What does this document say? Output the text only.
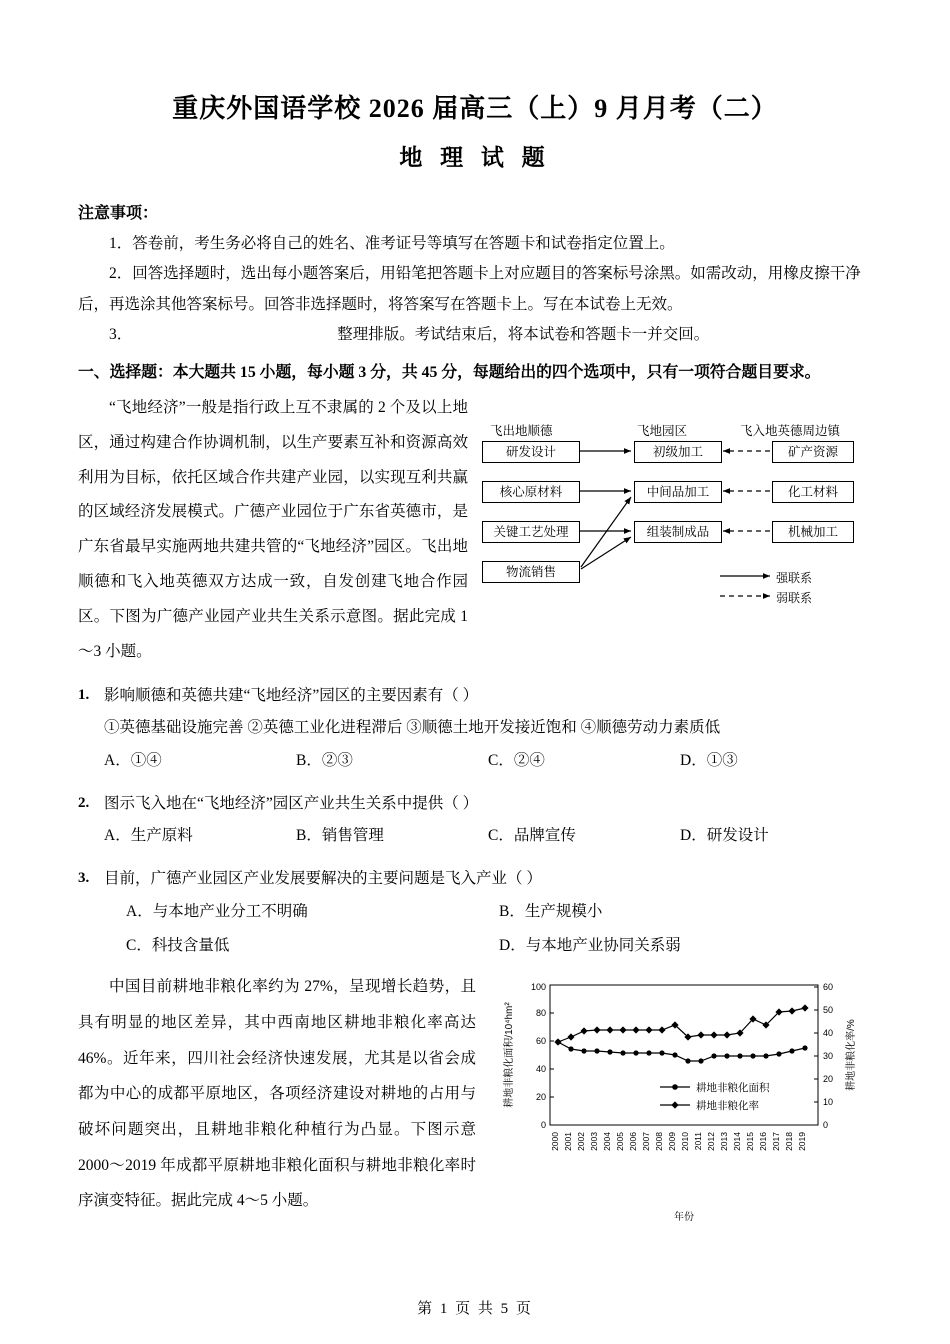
重庆外国语学校 2026 届高三（上）9 月月考（二）
地 理 试 题
注意事项：
1．答卷前，考生务必将自己的姓名、准考证号等填写在答题卡和试卷指定位置上。
2．回答选择题时，选出每小题答案后，用铅笔把答题卡上对应题目的答案标号涂黑。如需改动，用橡皮擦干净后，再选涂其他答案标号。回答非选择题时，将答案写在答题卡上。写在本试卷上无效。
3．	整理排版。考试结束后，将本试卷和答题卡一并交回。
一、选择题：本大题共 15 小题，每小题 3 分，共 45 分，每题给出的四个选项中，只有一项符合题目要求。
飞出地顺德	飞地园区	飞入地英德周边镇
研发设计
核心原材料
关键工艺处理
物流销售
初级加工
中间品加工
组装制成品
矿产资源
化工材料
机械加工
强联系
弱联系
“飞地经济”一般是指行政上互不隶属的 2 个及以上地区，通过构建合作协调机制，以生产要素互补和资源高效利用为目标，依托区域合作共建产业园，以实现互利共赢的区域经济发展模式。广德产业园位于广东省英德市，是广东省最早实施两地共建共管的“飞地经济”园区。飞出地顺德和飞入地英德双方达成一致，自发创建飞地合作园区。下图为广德产业园产业共生关系示意图。据此完成 1～3 小题。
1. 影响顺德和英德共建“飞地经济”园区的主要因素有（ ）
①英德基础设施完善 ②英德工业化进程滞后 ③顺德土地开发接近饱和 ④顺德劳动力素质低
A．①④	B．②③	C．②④	D．①③
2. 图示飞入地在“飞地经济”园区产业共生关系中提供（ ）
A．生产原料	B．销售管理	C．品牌宣传	D．研发设计
3. 目前，广德产业园区产业发展要解决的主要问题是飞入产业（ ）
A．与本地产业分工不明确	B．生产规模小
C．科技含量低	D．与本地产业协同关系弱
0
20
40
60
80
100
0
10
20
30
40
50
60
耕地非粮化面积/10⁴hm²	耕地非粮化率/%
年份
2000 2001 2002 2003 2004 2005 2006 2007 2008 2009 2010 2011 2012 2013 2014 2015 2016 2017 2018 2019
耕地非粮化面积
耕地非粮化率
中国目前耕地非粮化率约为 27%，呈现增长趋势，且具有明显的地区差异，其中西南地区耕地非粮化率高达 46%。近年来，四川社会经济快速发展，尤其是以省会成都为中心的成都平原地区，各项经济建设对耕地的占用与破坏问题突出，且耕地非粮化种植行为凸显。下图示意 2000～2019 年成都平原耕地非粮化面积与耕地非粮化率时序演变特征。据此完成 4～5 小题。
第 1 页 共 5 页
